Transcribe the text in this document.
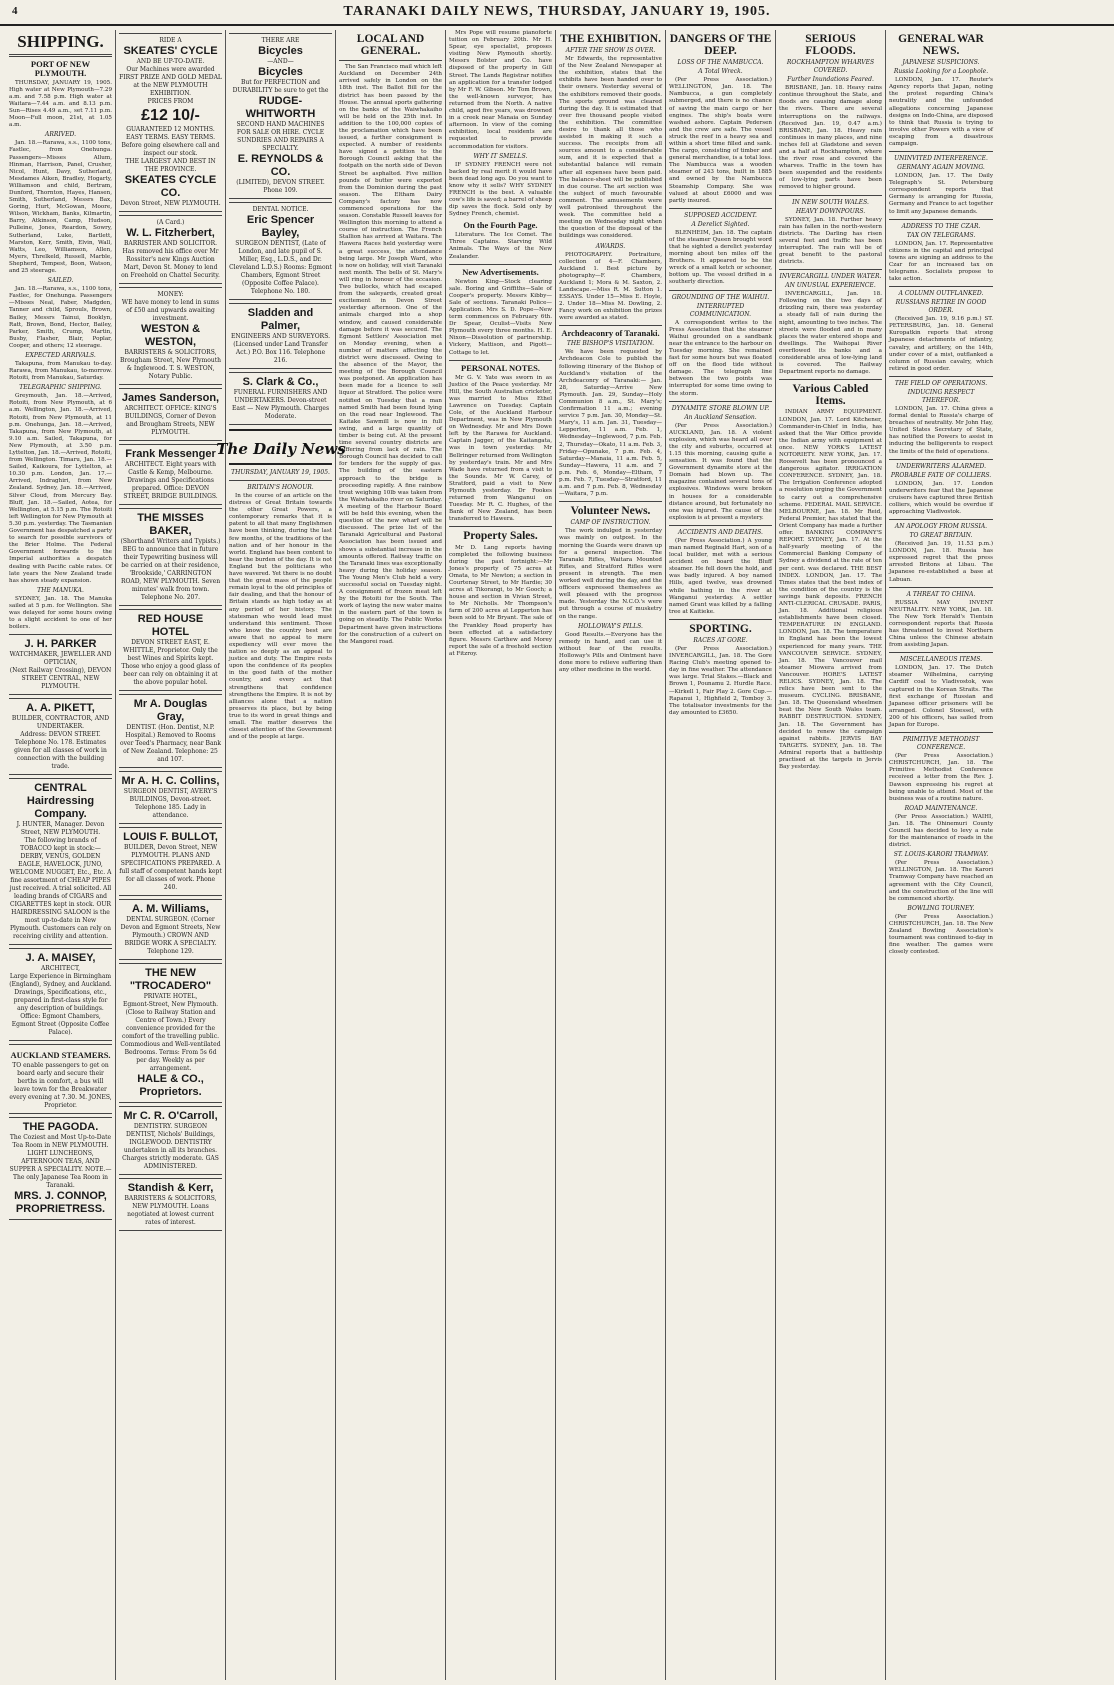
4	TARANAKI DAILY NEWS, THURSDAY, JANUARY 19, 1905.
SHIPPING.
PORT OF NEW PLYMOUTH.

THURSDAY, JANUARY 19, 1905. High water at New Plymouth—7.29 a.m. and 7.58 p.m. High water at Waitara—7.44 a.m. and 8.13 p.m. Sun—Rises 4.49 a.m., set 7.11 p.m. Moon—Full moon, 21st, at 1.05 a.m.

ARRIVED.

Jan. 18.—Rarawa, s.s., 1100 tons, Fastlec, from Onehunga. Passengers—Misses Allum, Hinman, Harrison, Panel, Crusher, Nicol, Hunt, Davy, Sutherland, Mesdames Aiken, Bradley, Hogarty, Williamson and child, Bertram, Dunford, Thornton, Hayes, Hansen, Smith, Sutherland, Messrs Bax, Goring, Hurt, McGowan, Moore, Wilson, Wickham, Banks, Kilmartin, Barry, Atkinson, Camp, Hudson, Pulleine, Jones, Reardon, Sowry, Sutherland, Luke, Bartlett, Marston, Kerr, Smith, Elvin, Wall, Watts, Leo, Williamson, Allen, Myers, Threlkeld, Russell, Marble, Shepherd, Tempest, Boon, Watson, and 25 steerage.

SAILED.

Jan. 18.—Rarawa, s.s., 1100 tons, Fastlec, for Onehunga. Passengers—Misses Neal, Faber, Madgden, Tanner and child, Sprouls, Brown, Bailey, Messrs Tainui, Booklyn, Ratt, Brown, Bond, Hector, Bailey, Parker, Smith, Crump, Martin, Busby, Flasher, Blair, Poplar, Cooper, and others; 12 steerage.

EXPECTED ARRIVALS.

Takapuna, from Manukau to-day. Rarawa, from Manukau, to-morrow. Rotoiti, from Manukau, Saturday.

TELEGRAPHIC SHIPPING.

Greymouth, Jan. 18.—Arrived, Rotoiti, from New Plymouth, at 6 a.m. Wellington, Jan. 18.—Arrived, Rotoiti, from New Plymouth, at 11 p.m. Onehunga, Jan. 18.—Arrived, Takapuna, from New Plymouth, at 9.10 a.m. Sailed, Takapuna, for New Plymouth, at 3.50 p.m. Lyttelton, Jan. 18.—Arrived, Rotoiti, from Wellington. Timaru, Jan. 18.—Sailed, Kaikoura, for Lyttelton, at 10.30 p.m. London, Jan. 17.—Arrived, Indraghiri, from New Zealand. Sydney, Jan. 18.—Arrived, Silver Cloud, from Mercury Bay. Bluff, Jan. 18.—Sailed, Aotea, for Wellington, at 5.15 p.m. The Rotoiti left Wellington for New Plymouth at 5.30 p.m. yesterday. The Tasmanian Government has despatched a party to search for possible survivors of the Brier Holme. The Federal Government forwards to the Imperial authorities a despatch dealing with Pacific cable rates. Of late years the New Zealand trade has shown steady expansion.

THE MANUKA.

SYDNEY, Jan. 18. The Manuka sailed at 5 p.m. for Wellington. She was delayed for some hours owing to a slight accident to one of her boilers.

J. H. PARKER
WATCHMAKER, JEWELLER AND OPTICIAN,
(Next Railway Crossing), DEVON STREET CENTRAL, NEW PLYMOUTH.
A. A. PIKETT,
BUILDER, CONTRACTOR, AND UNDERTAKER.
Address: DEVON STREET. Telephone No. 178. Estimates given for all classes of work in connection with the building trade.
CENTRAL Hairdressing Company.
J. HUNTER, Manager. Devon Street, NEW PLYMOUTH.
The following brands of TOBACCO kept in stock:— DERBY, VENUS, GOLDEN EAGLE, HAVELOCK, JUNO, WELCOME NUGGET, Etc., Etc. A fine assortment of CHEAP PIPES just received. A trial solicited. All leading brands of CIGARS and CIGARETTES kept in stock. OUR HAIRDRESSING SALOON is the most up-to-date in New Plymouth. Customers can rely on receiving civility and attention.
J. A. MAISEY,
ARCHITECT,
Large Experience in Birmingham (England), Sydney, and Auckland. Drawings, Specifications, etc., prepared in first-class style for any description of buildings. Office: Egmont Chambers, Egmont Street (Opposite Coffee Palace).
AUCKLAND STEAMERS.
TO enable passengers to get on board early and secure their berths in comfort, a bus will leave town for the Breakwater every evening at 7.30. M. JONES, Proprietor.
THE PAGODA.
The Coziest and Most Up-to-Date Tea Room in NEW PLYMOUTH. LIGHT LUNCHEONS, AFTERNOON TEAS, AND SUPPER A SPECIALITY. NOTE.—The only Japanese Tea Room in Taranaki.
MRS. J. CONNOP, PROPRIETRESS.
RIDE A
SKEATES' CYCLE
AND BE UP-TO-DATE.
Our Machines were awarded FIRST PRIZE AND GOLD MEDAL at the NEW PLYMOUTH EXHIBITION.
PRICES FROM
£12 10/-
GUARANTEED 12 MONTHS.
EASY TERMS. EASY TERMS.
Before going elsewhere call and inspect our stock.
THE LARGEST AND BEST IN THE PROVINCE.
SKEATES CYCLE CO.
Devon Street, NEW PLYMOUTH.
(A Card.)
W. L. Fitzherbert,
BARRISTER AND SOLICITOR. Has removed his office over Mr Rossiter's new Kings Auction Mart, Devon St. Money to lend on Freehold on Chattel Security.
MONEY:
WE have money to lend in sums of £50 and upwards awaiting investment.
WESTON & WESTON,
BARRISTERS & SOLICITORS, Brougham Street, New Plymouth & Inglewood. T. S. WESTON, Notary Public.
James Sanderson,
ARCHITECT. OFFICE: KING'S BUILDINGS, Corner of Devon and Brougham Streets, NEW PLYMOUTH.
Frank Messenger
ARCHITECT. Eight years with Castle & Kemp, Melbourne. Drawings and Specifications prepared. Office: DEVON STREET, BRIDGE BUILDINGS.
THE MISSES BAKER,
(Shorthand Writers and Typists.) BEG to announce that in future their Typewriting business will be carried on at their residence, 'Brookside,' CARRINGTON ROAD, NEW PLYMOUTH. Seven minutes' walk from town. Telephone No. 207.
RED HOUSE HOTEL
DEVON STREET EAST, E. WHITTLE, Proprietor. Only the best Wines and Spirits kept. Those who enjoy a good glass of beer can rely on obtaining it at the above popular hotel.
Mr A. Douglas Gray,
DENTIST. (Hon. Dentist, N.P. Hospital.) Removed to Rooms over Teed's Pharmacy, near Bank of New Zealand. Telephone: 25 and 107.
Mr A. H. C. Collins,
SURGEON DENTIST, AVERY'S BUILDINGS, Devon-street. Telephone 185. Lady in attendance.
LOUIS F. BULLOT,
BUILDER, Devon Street, NEW PLYMOUTH. PLANS AND SPECIFICATIONS PREPARED. A full staff of competent hands kept for all classes of work. Phone 240.
A. M. Williams,
DENTAL SURGEON. (Corner Devon and Egmont Streets, New Plymouth.) CROWN AND BRIDGE WORK A SPECIALTY. Telephone 129.
THE NEW "TROCADERO"
PRIVATE HOTEL,
Egmont-Street, New Plymouth. (Close to Railway Station and Centre of Town.) Every convenience provided for the comfort of the travelling public. Commodious and Well-ventilated Bedrooms. Terms: From 5s 6d per day. Weekly as per arrangement.
HALE & CO., Proprietors.
Mr C. R. O'Carroll,
DENTISTRY. SURGEON DENTIST, Nichols' Buildings, INGLEWOOD. DENTISTRY undertaken in all its branches. Charges strictly moderate. GAS ADMINISTERED.
Standish & Kerr,
BARRISTERS & SOLICITORS, NEW PLYMOUTH. Loans negotiated at lowest current rates of interest.
THERE ARE
Bicycles
—AND—
Bicycles
But for PERFECTION and DURABILITY be sure to get the
RUDGE-WHITWORTH
SECOND HAND MACHINES FOR SALE OR HIRE. CYCLE SUNDRIES AND REPAIRS A SPECIALTY.
E. REYNOLDS & CO.
(LIMITED), DEVON STREET. Phone 109.
DENTAL NOTICE.
Eric Spencer Bayley,
SURGEON DENTIST, (Late of London, and late pupil of S. Miller, Esq., L.D.S., and Dr. Cleveland L.D.S.) Rooms: Egmont Chambers, Egmont Street (Opposite Coffee Palace). Telephone No. 180.
Sladden and Palmer,
ENGINEERS AND SURVEYORS. (Licensed under Land Transfer Act.) P.O. Box 116. Telephone 216.
S. Clark & Co.,
FUNERAL FURNISHERS AND UNDERTAKERS. Devon-street East — New Plymouth. Charges Moderate.
The Daily News
THURSDAY, JANUARY 19, 1905.
BRITAIN'S HONOUR.

In the course of an article on the distress of Great Britain towards the other Great Powers, a contemporary remarks that it is patent to all that many Englishmen have been thinking, during the last few months, of the traditions of the nation and of her honour in the world. England has been content to bear the burden of the day. It is not England but the politicians who have wavered. Yet there is no doubt that the great mass of the people remain loyal to the old principles of fair dealing, and that the honour of Britain stands as high today as at any period of her history. The statesman who would lead must understand this sentiment. Those who know the country best are aware that no appeal to mere expediency will ever move the nation so deeply as an appeal to justice and duty. The Empire rests upon the confidence of its peoples in the good faith of the mother country, and every act that strengthens that confidence strengthens the Empire. It is not by alliances alone that a nation preserves its place, but by being true to its word in great things and small. The matter deserves the closest attention of the Government and of the people at large.

LOCAL AND GENERAL.

The San Francisco mail which left Auckland on December 24th arrived safely in London on the 18th inst. The Ballot Bill for the district has been passed by the House. The annual sports gathering on the banks of the Waiwhakaiho will be held on the 25th inst. In addition to the 100,000 copies of the proclamation which have been issued, a further consignment is expected. A number of residents have signed a petition to the Borough Council asking that the footpath on the north side of Devon Street be asphalted. Five million pounds of butter were exported from the Dominion during the past season. The Eltham Dairy Company's factory has now commenced operations for the season. Constable Russell leaves for Wellington this morning to attend a course of instruction. The French Stallion has arrived at Waitara. The Hawera Races held yesterday were a great success, the attendance being large. Mr Joseph Ward, who is now on holiday, will visit Taranaki next month. The bells of St. Mary's will ring in honour of the occasion. Two bullocks, which had escaped from the saleyards, created great excitement in Devon Street yesterday afternoon. One of the animals charged into a shop window, and caused considerable damage before it was secured. The Egmont Settlers' Association met on Monday evening, when a number of matters affecting the district were discussed. Owing to the absence of the Mayor, the meeting of the Borough Council was postponed. An application has been made for a licence to sell liquor at Stratford. The police were notified on Tuesday that a man named Smith had been found lying on the road near Inglewood. The Kaitake Sawmill is now in full swing, and a large quantity of timber is being cut. At the present time several country districts are suffering from lack of rain. The Borough Council has decided to call for tenders for the supply of gas. The building of the eastern approach to the bridge is proceeding rapidly. A fine rainbow trout weighing 10lb was taken from the Waiwhakaiho river on Saturday. A meeting of the Harbour Board will be held this evening, when the question of the new wharf will be discussed. The prize list of the Taranaki Agricultural and Pastoral Association has been issued and shows a substantial increase in the amounts offered. Railway traffic on the Taranaki lines was exceptionally heavy during the holiday season. The Young Men's Club held a very successful social on Tuesday night. A consignment of frozen meat left by the Rotoiti for the South. The work of laying the new water mains in the eastern part of the town is going on steadily. The Public Works Department have given instructions for the construction of a culvert on the Mangorei road.

Mrs Pope will resume pianoforte tuition on February 20th. Mr H. Spear, eye specialist, proposes visiting New Plymouth shortly. Messrs Bolster and Co. have disposed of the property in Gill Street. The Lands Registrar notifies an application for a transfer lodged by Mr F. W. Gibson. Mr Tom Brown, the well-known surveyor, has returned from the North. A native child, aged five years, was drowned in a creek near Manaia on Sunday afternoon. In view of the coming exhibition, local residents are requested to provide accommodation for visitors.

WHY IT SMELLS.

IF SYDNEY FRENCH were not backed by real merit it would have been dead long ago. Do you want to know why it sells? WHY SYDNEY FRENCH is the best. A valuable cow's life is saved; a barrel of sheep dip saves the flock. Sold only by Sydney French, chemist.

On the Fourth Page.

Literature. The Ice Comet. The Three Captains. Starving Wild Animals. The Ways of the New Zealander.

New Advertisements.

Newton King—Stock clearing sale. Boring and Griffiths—Sale of Cooper's property. Messrs Kibby—Sale of sections. Taranaki Police—Application. Mrs S. D. Pope—New term commences on February 6th. Dr Spear, Oculist—Visits New Plymouth every three months. H. E. Nixon—Dissolution of partnership. Vickery, Mattison, and Pigott—Cottage to let.

PERSONAL NOTES.

Mr G. V. Yate was sworn in as Justice of the Peace yesterday. Mr Hill, the South Australian cricketer, was married to Miss Ethel Lawrence on Tuesday. Captain Cole, of the Auckland Harbour Department, was in New Plymouth on Wednesday. Mr and Mrs Dowe left by the Rarawa for Auckland. Captain Jagger, of the Kaitangata, was in town yesterday. Mr Bellringer returned from Wellington by yesterday's train. Mr and Mrs Wade have returned from a visit to the Sounds. Mr W. Carey, of Stratford, paid a visit to New Plymouth yesterday. Dr Fookes returned from Wanganui on Tuesday. Mr R. C. Hughes, of the Bank of New Zealand, has been transferred to Hawera.

Property Sales.

Mr D. Lang reports having completed the following business during the past fortnight:—Mr Jones's property of 75 acres at Omata, to Mr Newton; a section in Courtenay Street, to Mr Hardie; 30 acres at Tikorangi, to Mr Gooch; a house and section in Vivian Street, to Mr Nicholls. Mr Thompson's farm of 200 acres at Lepperton has been sold to Mr Bryant. The sale of the Frankley Road property has been effected at a satisfactory figure. Messrs Carthew and Morey report the sale of a freehold section at Fitzroy.

THE EXHIBITION.
AFTER THE SHOW IS OVER.

Mr Edwards, the representative of the New Zealand Newspaper at the exhibition, states that the exhibits have been handed over to their owners. Yesterday several of the exhibitors removed their goods. The sports ground was cleared during the day. It is estimated that over five thousand people visited the exhibition. The committee desire to thank all those who assisted in making it such a success. The receipts from all sources amount to a considerable sum, and it is expected that a substantial balance will remain after all expenses have been paid. The balance-sheet will be published in due course. The art section was the subject of much favourable comment. The amusements were well patronised throughout the week. The committee held a meeting on Wednesday night when the question of the disposal of the buildings was considered.

AWARDS.

PHOTOGRAPHY. Portraiture, collection of 4—F. Chambers, Auckland 1. Best picture by photography—F. Chambers, Auckland 1; Mora & M. Saxton, 2. Landscape.—Miss R. M. Sutton 1. ESSAYS. Under 15—Miss E. Hoyle, 2. Under 18—Miss M. Dowling, 2. Fancy work on exhibition the prizes were awarded as stated.

Archdeaconry of Taranaki.
THE BISHOP'S VISITATION.

We have been requested by Archdeacon Cole to publish the following itinerary of the Bishop of Auckland's visitation of the Archdeaconry of Taranaki:— Jan. 28, Saturday—Arrive New Plymouth. Jan. 29, Sunday—Holy Communion 8 a.m., St. Mary's; Confirmation 11 a.m.; evening service 7 p.m. Jan. 30, Monday—St. Mary's, 11 a.m. Jan. 31, Tuesday—Lepperton, 11 a.m. Feb. 1, Wednesday—Inglewood, 7 p.m. Feb. 2, Thursday—Okato, 11 a.m. Feb. 3, Friday—Opunake, 7 p.m. Feb. 4, Saturday—Manaia, 11 a.m. Feb. 5, Sunday—Hawera, 11 a.m. and 7 p.m. Feb. 6, Monday—Eltham, 7 p.m. Feb. 7, Tuesday—Stratford, 11 a.m. and 7 p.m. Feb. 8, Wednesday—Waitara, 7 p.m.

Volunteer News.
CAMP OF INSTRUCTION.

The work indulged in yesterday was mainly on outpost. In the morning the Guards were drawn up for a general inspection. The Taranaki Rifles, Waitara Mounted Rifles, and Stratford Rifles were present in strength. The men worked well during the day, and the officers expressed themselves as well pleased with the progress made. Yesterday the N.C.O.'s were put through a course of musketry on the range.

HOLLOWAY'S PILLS.

Good Results.—Everyone has the remedy in hand, and can use it without fear of the results. Holloway's Pills and Ointment have done more to relieve suffering than any other medicine in the world.

DANGERS OF THE DEEP.
LOSS OF THE NAMBUCCA.
A Total Wreck.

(Per Press Association.) WELLINGTON, Jan. 18. The Nambucca, a gun completely submerged, and there is no chance of saving the main cargo or her engines. The ship's boats were washed ashore. Captain Pedersen and the crew are safe. The vessel struck the reef in a heavy sea and within a short time filled and sank. The cargo, consisting of timber and general merchandise, is a total loss. The Nambucca was a wooden steamer of 243 tons, built in 1885 and owned by the Nambucca Steamship Company. She was valued at about £6000 and was partly insured.

SUPPOSED ACCIDENT.
A Derelict Sighted.

BLENHEIM, Jan. 18. The captain of the steamer Queen brought word that he sighted a derelict yesterday morning about ten miles off the Brothers. It appeared to be the wreck of a small ketch or schooner, bottom up. The vessel drifted in a southerly direction.

GROUNDING OF THE WAIHUI.
INTERRUPTED COMMUNICATION.

A correspondent writes to the Press Association that the steamer Waihui grounded on a sandbank near the entrance to the harbour on Tuesday morning. She remained fast for some hours but was floated off on the flood tide without damage. The telegraph line between the two points was interrupted for some time owing to the storm.

DYNAMITE STORE BLOWN UP.
An Auckland Sensation.

(Per Press Association.) AUCKLAND, Jan. 18. A violent explosion, which was heard all over the city and suburbs, occurred at 1.15 this morning, causing quite a sensation. It was found that the Government dynamite store at the Domain had blown up. The magazine contained several tons of explosives. Windows were broken in houses for a considerable distance around, but fortunately no one was injured. The cause of the explosion is at present a mystery.

ACCIDENTS AND DEATHS.

(Per Press Association.) A young man named Reginald Hart, son of a local builder, met with a serious accident on board the Bluff steamer. He fell down the hold, and was badly injured. A boy named Hills, aged twelve, was drowned while bathing in the river at Wanganui yesterday. A settler named Grant was killed by a falling tree at Kaitieke.

SPORTING.
RACES AT GORE.

(Per Press Association.) INVERCARGILL, Jan. 18. The Gore Racing Club's meeting opened to-day in fine weather. The attendance was large. Trial Stakes.—Black and Brown 1, Pounamu 2. Hurdle Race.—Kirkell 1, Fair Play 2. Gore Cup.—Rapanui 1, Highfield 2, Tomboy 3. The totalisator investments for the day amounted to £3650.

SERIOUS FLOODS.
ROCKHAMPTON WHARVES COVERED.
Further Inundations Feared.

BRISBANE, Jan. 18. Heavy rains continue throughout the State, and floods are causing damage along the rivers. There are several interruptions on the railways. (Received Jan. 19, 0.47 a.m.) BRISBANE, Jan. 18. Heavy rain continues in many places, and nine inches fell at Gladstone and seven and a half at Rockhampton, where the river rose and covered the wharves. Traffic in the town has been suspended and the residents of low-lying parts have been removed to higher ground.

IN NEW SOUTH WALES.
HEAVY DOWNPOURS.

SYDNEY, Jan. 18. Further heavy rain has fallen in the north-western districts. The Darling has risen several feet and traffic has been interrupted. The rain will be of great benefit to the pastoral districts.

INVERCARGILL UNDER WATER.
AN UNUSUAL EXPERIENCE.

INVERCARGILL, Jan. 18. Following on the two days of drizzling rain, there was yesterday a steady fall of rain during the night, amounting to two inches. The streets were flooded and in many places the water entered shops and dwellings. The Waihopai River overflowed its banks and a considerable area of low-lying land is covered. The Railway Department reports no damage.

Various Cabled Items.

INDIAN ARMY EQUIPMENT. LONDON, Jan. 17. Lord Kitchener, Commander-in-Chief in India, has asked that the War Office provide the Indian army with equipment at once. NEW YORK'S LATEST NOTORIETY. NEW YORK, Jan. 17. Roosevelt has been pronounced a dangerous agitator. IRRIGATION CONFERENCE. SYDNEY, Jan. 18. The Irrigation Conference adopted a resolution urging the Government to carry out a comprehensive scheme. FEDERAL MAIL SERVICE. MELBOURNE, Jan. 18. Mr Reid, Federal Premier, has stated that the Orient Company has made a further offer. BANKING COMPANY'S REPORT. SYDNEY, Jan. 17. At the half-yearly meeting of the Commercial Banking Company of Sydney a dividend at the rate of ten per cent. was declared. THE BEST INDEX. LONDON, Jan. 17. The Times states that the best index of the condition of the country is the savings bank deposits. FRENCH ANTI-CLERICAL CRUSADE. PARIS, Jan. 18. Additional religious establishments have been closed. TEMPERATURE IN ENGLAND. LONDON, Jan. 18. The temperature in England has been the lowest experienced for many years. THE VANCOUVER SERVICE. SYDNEY, Jan. 18. The Vancouver mail steamer Miowera arrived from Vancouver. HORE'S LATEST RELICS. SYDNEY, Jan. 18. The relics have been sent to the museum. CYCLING. BRISBANE, Jan. 18. The Queensland wheelmen beat the New South Wales team. RABBIT DESTRUCTION. SYDNEY, Jan. 18. The Government has decided to renew the campaign against rabbits. JERVIS BAY TARGETS. SYDNEY, Jan. 18. The Admiral reports that a battleship practised at the targets in Jervis Bay yesterday.

GENERAL WAR NEWS.
JAPANESE SUSPICIONS.
Russia Looking for a Loophole.

LONDON, Jan. 17. Reuter's Agency reports that Japan, noting the protest regarding China's neutrality and the unfounded allegations concerning Japanese designs on Indo-China, are disposed to think that Russia is trying to involve other Powers with a view of escaping from a disastrous campaign.

UNINVITED INTERFERENCE.
GERMANY AGAIN MOVING.

LONDON, Jan. 17. The Daily Telegraph's St. Petersburg correspondent reports that Germany is arranging for Russia, Germany and France to act together to limit any Japanese demands.

ADDRESS TO THE CZAR.
TAX ON TELEGRAMS.

LONDON, Jan. 17. Representative citizens in the capital and principal towns are signing an address to the Czar for an increased tax on telegrams. Socialists propose to take action.

A COLUMN OUTFLANKED.
RUSSIANS RETIRE IN GOOD ORDER.

(Received Jan. 19, 9.16 p.m.) ST. PETERSBURG, Jan. 18. General Kuropatkin reports that strong Japanese detachments of infantry, cavalry, and artillery, on the 14th, under cover of a mist, outflanked a column of Russian cavalry, which retired in good order.

THE FIELD OF OPERATIONS.
INDUCING RESPECT THEREFOR.

LONDON, Jan. 17. China gives a formal denial to Russia's charge of breaches of neutrality. Mr John Hay, United States Secretary of State, has notified the Powers to assist in inducing the belligerents to respect the limits of the field of operations.

UNDERWRITERS ALARMED.
PROBABLE FATE OF COLLIERS.

LONDON, Jan. 17. London underwriters fear that the Japanese cruisers have captured three British colliers, which would be overdue if approaching Vladivostok.

AN APOLOGY FROM RUSSIA.
TO GREAT BRITAIN.

(Received Jan. 19, 11.53 p.m.) LONDON, Jan. 18. Russia has expressed regret that the press arrested Britons at Libau. The Japanese re-established a base at Labuan.

A THREAT TO CHINA.

RUSSIA MAY INVENT NEUTRALITY. NEW YORK, Jan. 18. The New York Herald's Tientsin correspondent reports that Russia has threatened to invest Northern China unless the Chinese abstain from assisting Japan.

MISCELLANEOUS ITEMS.

LONDON, Jan. 17. The Dutch steamer Wilhelmina, carrying Cardiff coal to Vladivostok, was captured in the Korean Straits. The first exchange of Russian and Japanese officer prisoners will be arranged. Colonel Stoessel, with 200 of his officers, has sailed from Japan for Europe.

PRIMITIVE METHODIST CONFERENCE.

(Per Press Association.) CHRISTCHURCH, Jan. 18. The Primitive Methodist Conference received a letter from the Rev. J. Dawson expressing his regret at being unable to attend. Most of the business was of a routine nature.

ROAD MAINTENANCE.

(Per Press Association.) WAIHI, Jan. 18. The Ohinemuri County Council has decided to levy a rate for the maintenance of roads in the district.

ST. LOUIS-KARORI TRAMWAY.

(Per Press Association.) WELLINGTON, Jan. 18. The Karori Tramway Company have reached an agreement with the City Council, and the construction of the line will be commenced shortly.

BOWLING TOURNEY.

(Per Press Association.) CHRISTCHURCH, Jan. 18. The New Zealand Bowling Association's tournament was continued to-day in fine weather. The games were closely contested.
